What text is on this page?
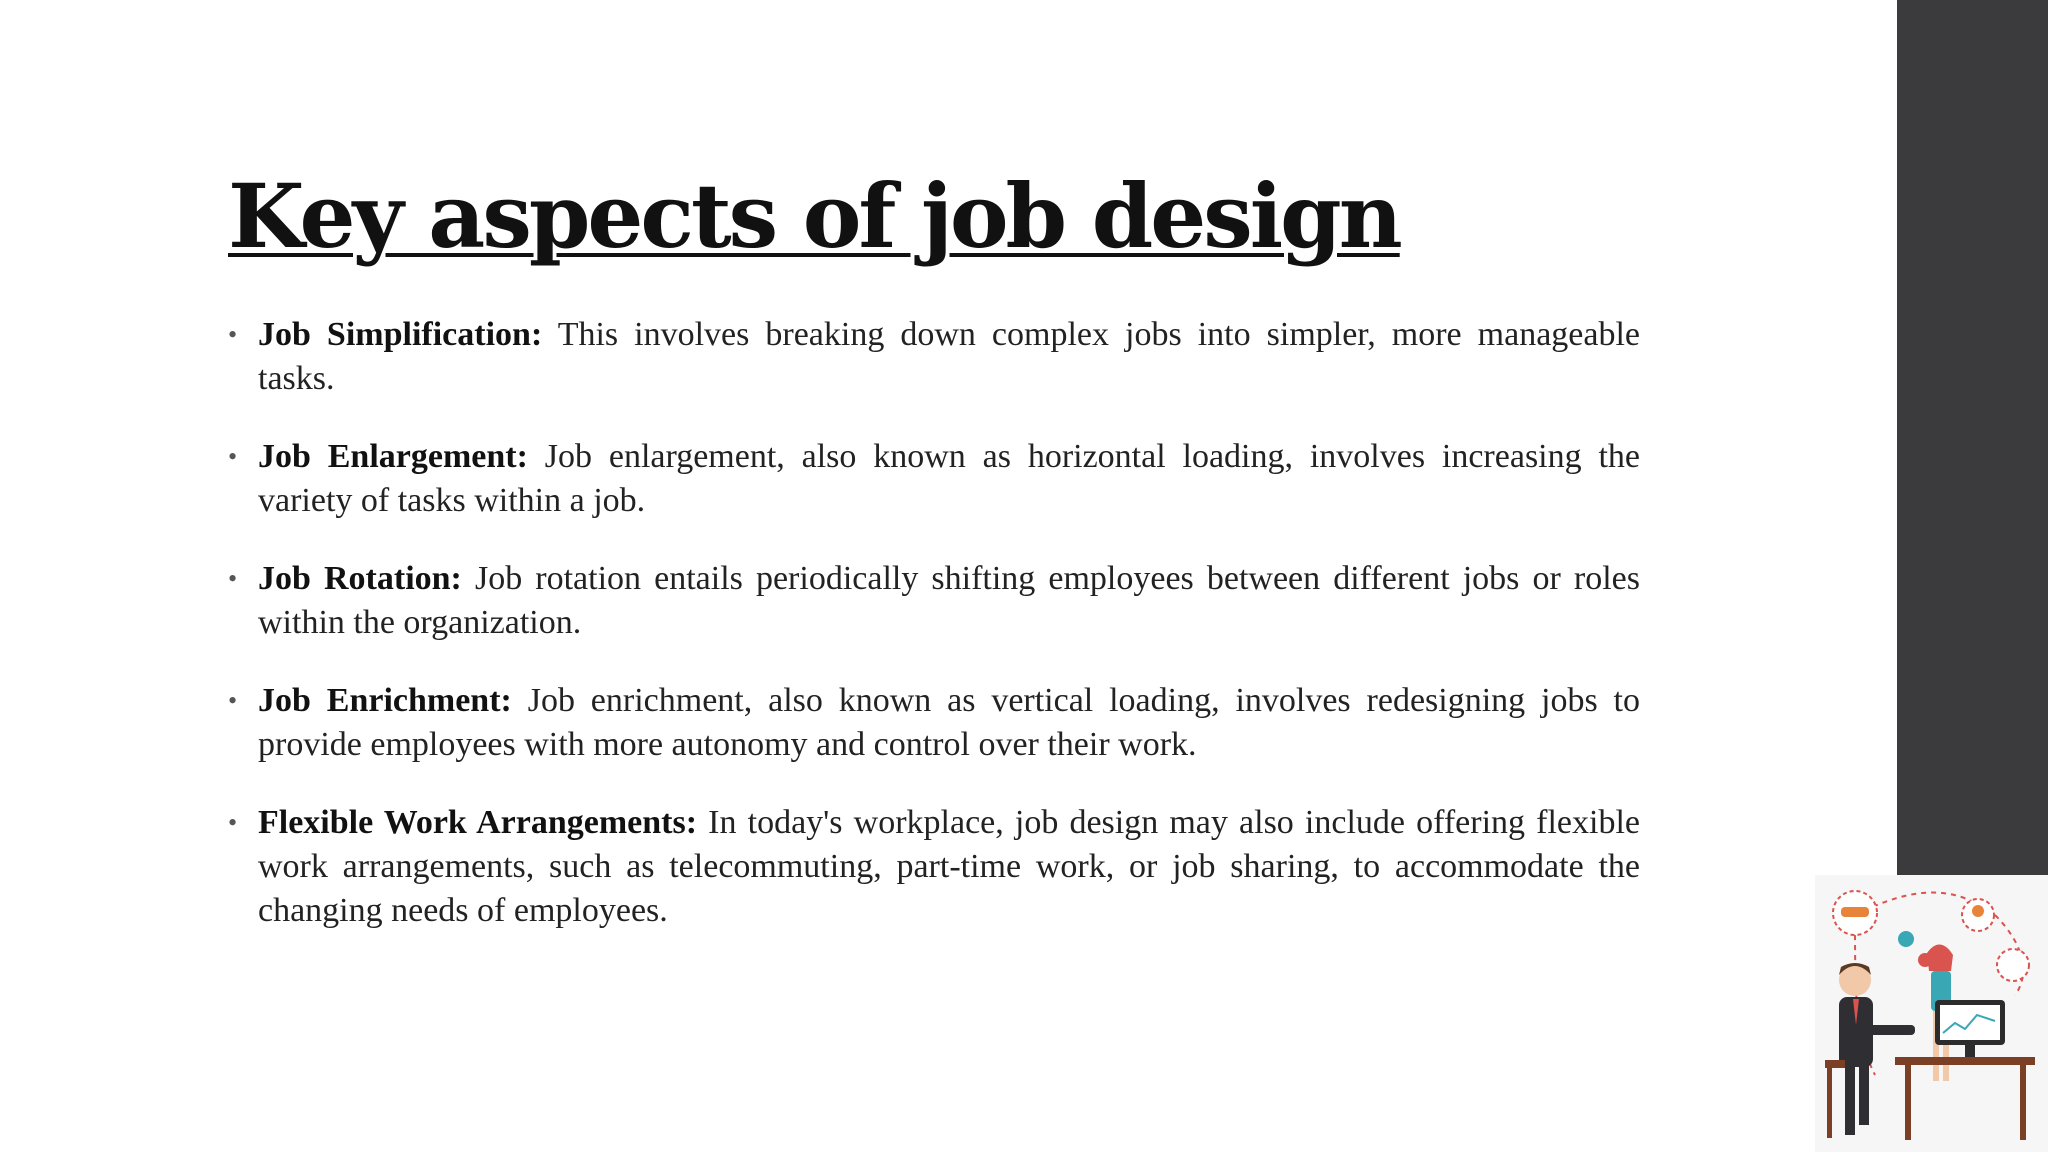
Key aspects of job design
• Job Simplification: This involves breaking down complex jobs into simpler, more manageable tasks.
• Job Enlargement: Job enlargement, also known as horizontal loading, involves increasing the variety of tasks within a job.
• Job Rotation: Job rotation entails periodically shifting employees between different jobs or roles within the organization.
• Job Enrichment: Job enrichment, also known as vertical loading, involves redesigning jobs to provide employees with more autonomy and control over their work.
• Flexible Work Arrangements: In today's workplace, job design may also include offering flexible work arrangements, such as telecommuting, part-time work, or job sharing, to accommodate the changing needs of employees.
